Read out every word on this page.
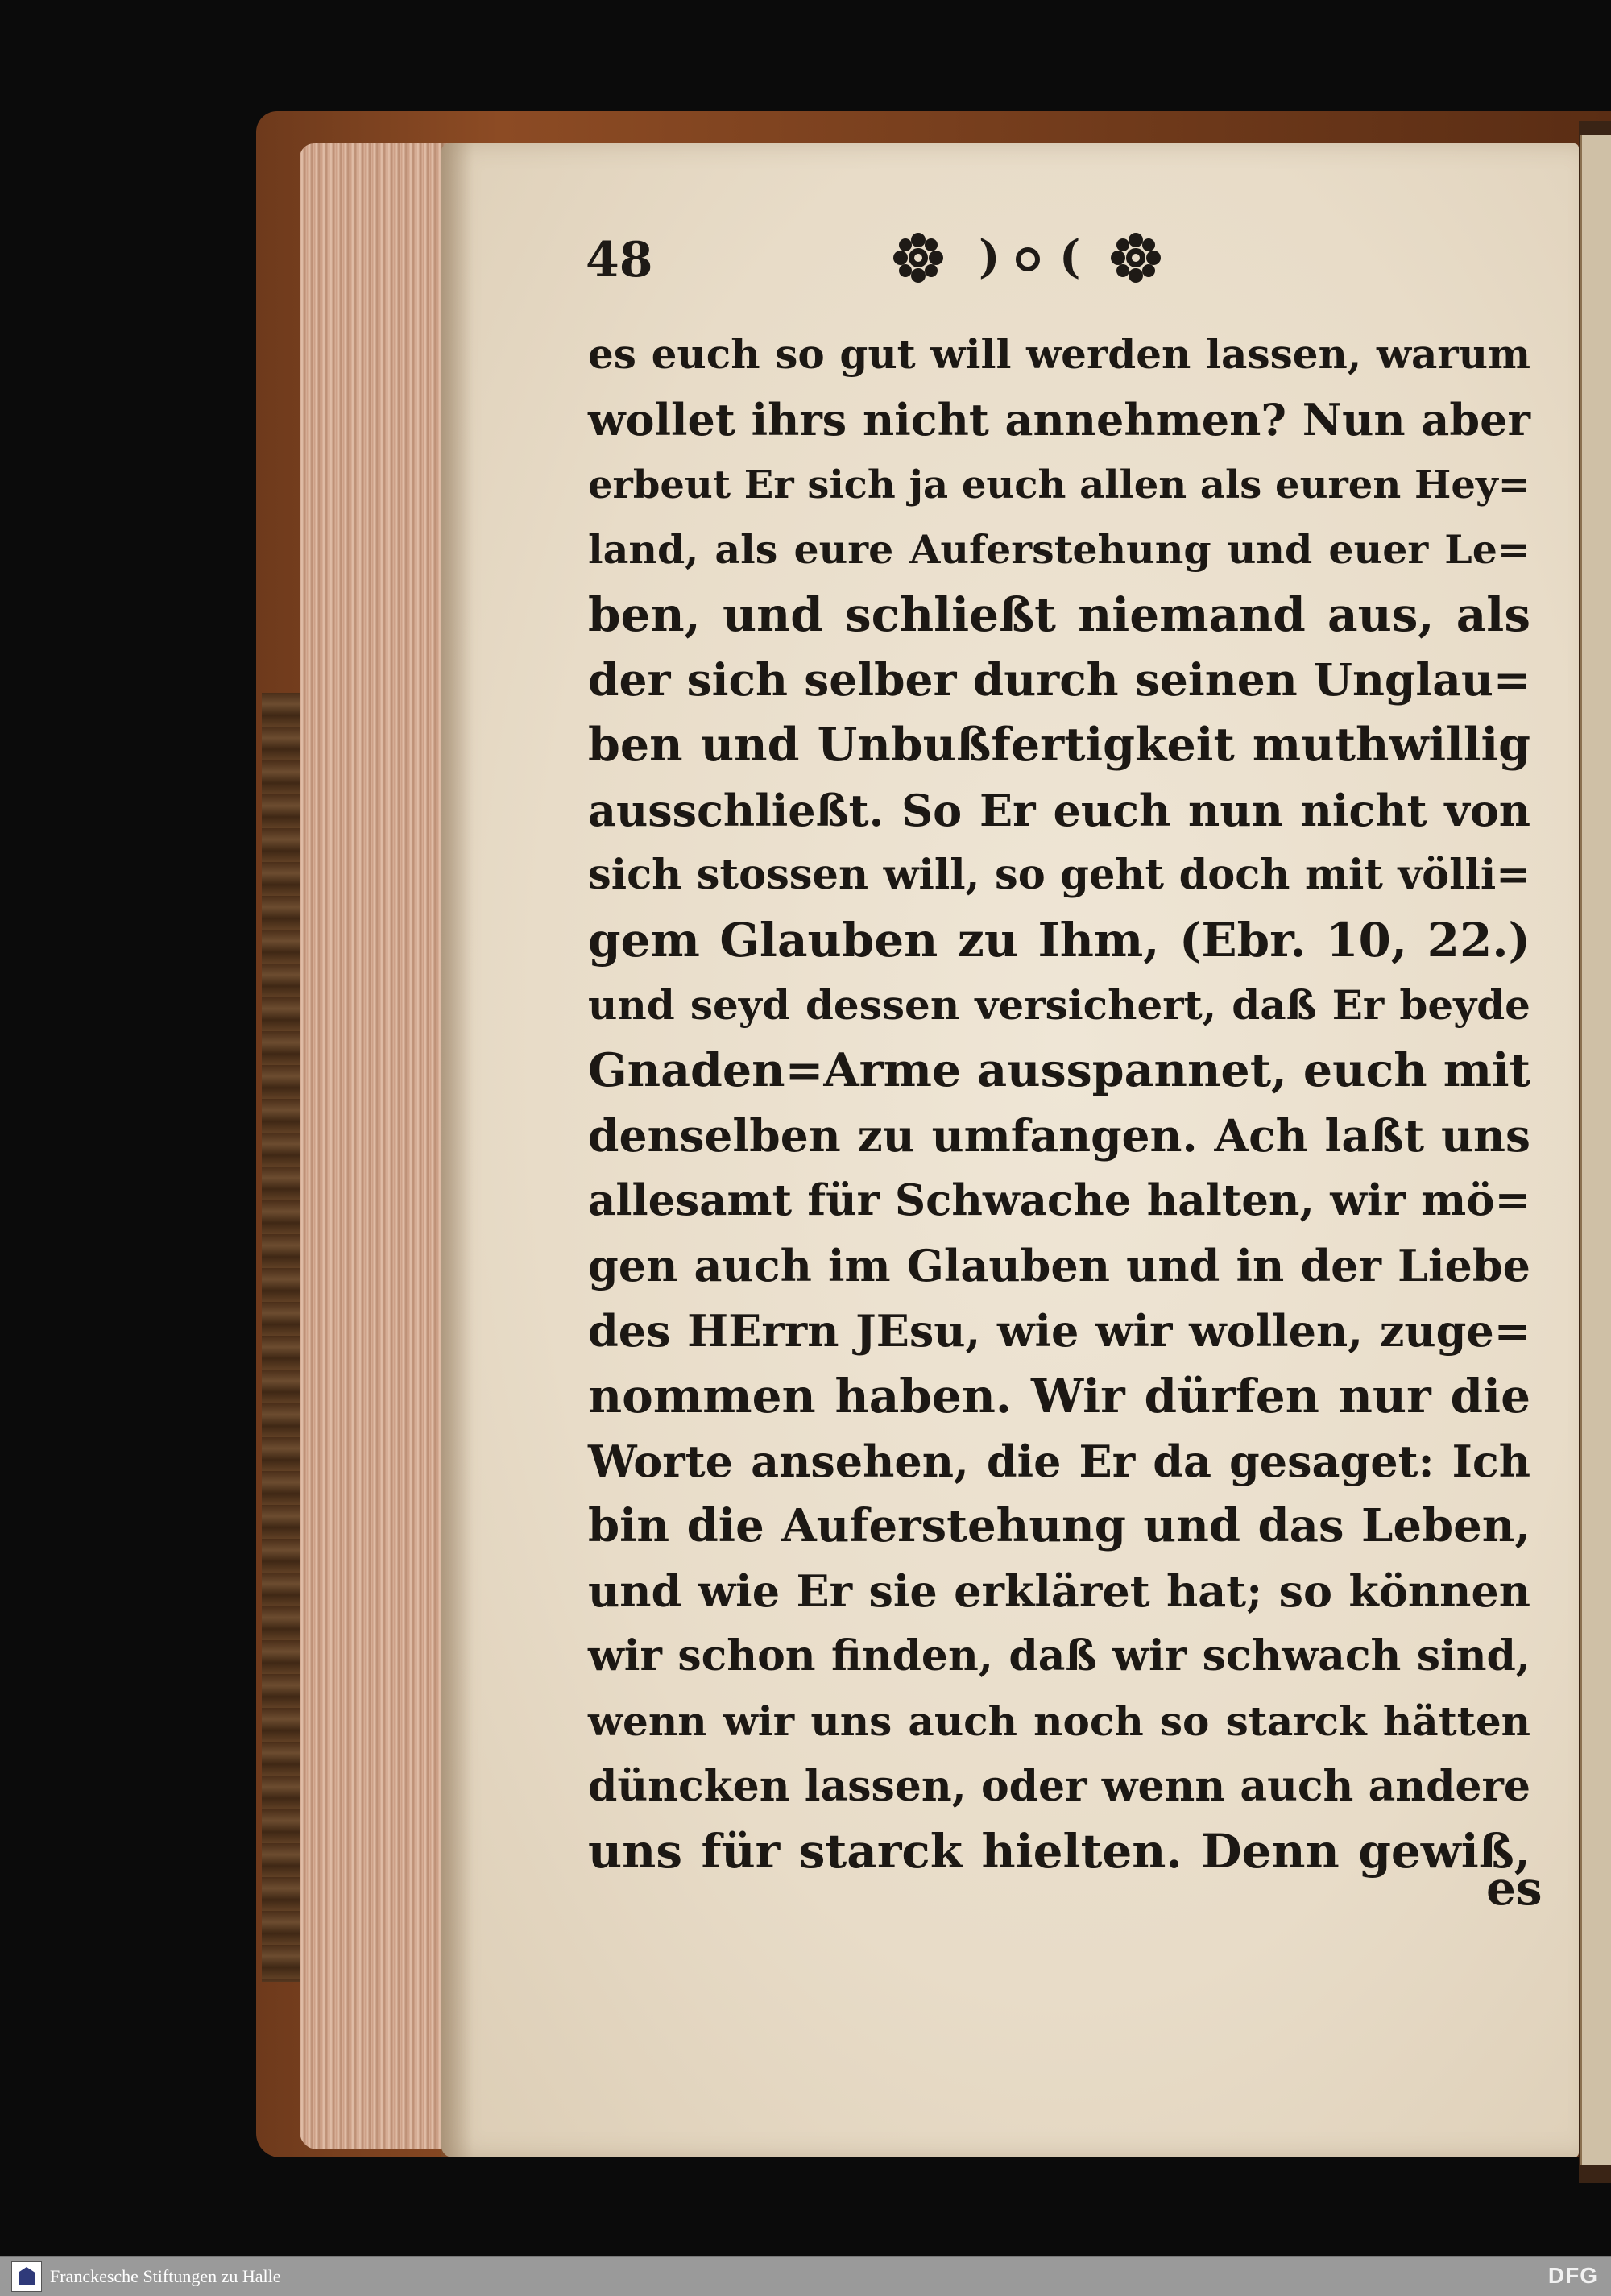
48	) (
es euch so gut will werden lassen, warum
wollet ihrs nicht annehmen? Nun aber
erbeut Er sich ja euch allen als euren Hey=
land, als eure Auferstehung und euer Le=
ben, und schließt niemand aus, als
der sich selber durch seinen Unglau=
ben und Unbußfertigkeit muthwillig
ausschließt. So Er euch nun nicht von
sich stossen will, so geht doch mit völli=
gem Glauben zu Ihm, (Ebr. 10, 22.)
und seyd dessen versichert, daß Er beyde
Gnaden=Arme ausspannet, euch mit
denselben zu umfangen. Ach laßt uns
allesamt für Schwache halten, wir mö=
gen auch im Glauben und in der Liebe
des HErrn JEsu, wie wir wollen, zuge=
nommen haben. Wir dürfen nur die
Worte ansehen, die Er da gesaget: Ich
bin die Auferstehung und das Leben,
und wie Er sie erkläret hat; so können
wir schon finden, daß wir schwach sind,
wenn wir uns auch noch so starck hätten
düncken lassen, oder wenn auch andere
uns für starck hielten. Denn gewiß,
es
Franckesche Stiftungen zu Halle	DFG
